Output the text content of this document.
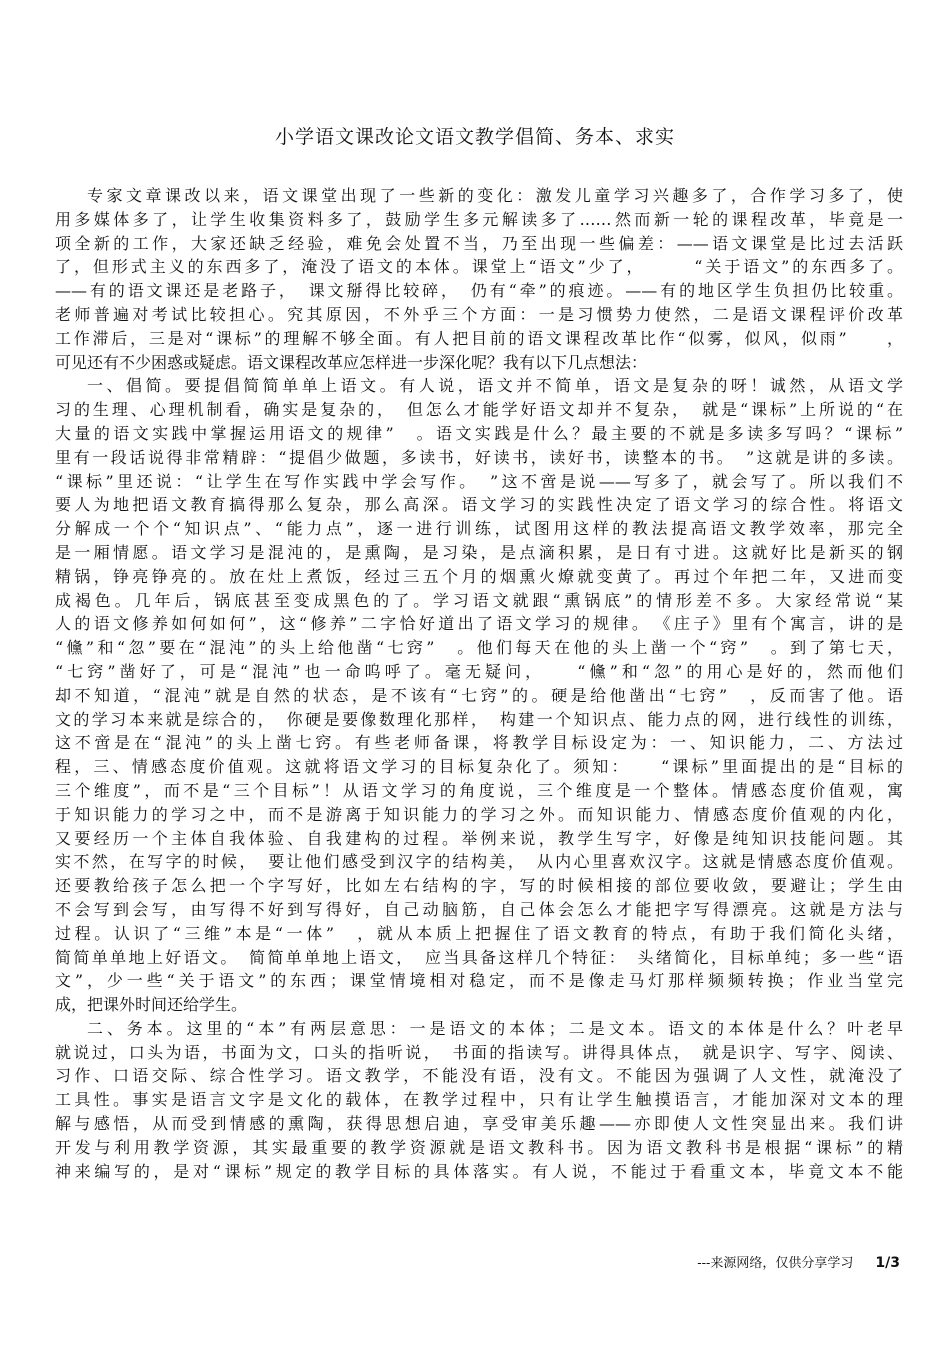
小学语文课改论文语文教学倡简、务本、求实
专家文章课改以来，语文课堂出现了一些新的变化：激发儿童学习兴趣多了，合作学习多了，使
用多媒体多了，让学生收集资料多了，鼓励学生多元解读多了……然而新一轮的课程改革，毕竟是一
项全新的工作，大家还缺乏经验，难免会处置不当，乃至出现一些偏差：——语文课堂是比过去活跃
了，但形式主义的东西多了，淹没了语文的本体。课堂上“语文”少了，　　　“关于语文”的东西多了。
——有的语文课还是老路子，　课文掰得比较碎，　仍有“牵”的痕迹。——有的地区学生负担仍比较重。
老师普遍对考试比较担心。究其原因，不外乎三个方面：一是习惯势力使然，二是语文课程评价改革
工作滞后，三是对“课标”的理解不够全面。有人把目前的语文课程改革比作“似雾，似风，似雨”　　，
可见还有不少困惑或疑虑。语文课程改革应怎样进一步深化呢？我有以下几点想法：
一、倡简。要提倡简简单单上语文。有人说，语文并不简单，语文是复杂的呀！诚然，从语文学
习的生理、心理机制看，确实是复杂的，　但怎么才能学好语文却并不复杂，　就是“课标”上所说的“在
大量的语文实践中掌握运用语文的规律”　。语文实践是什么？最主要的不就是多读多写吗？“课标”
里有一段话说得非常精辟：“提倡少做题，多读书，好读书，读好书，读整本的书。　”这就是讲的多读。
“课标”里还说：“让学生在写作实践中学会写作。　”这不啻是说——写多了，就会写了。所以我们不
要人为地把语文教育搞得那么复杂，那么高深。语文学习的实践性决定了语文学习的综合性。将语文
分解成一个个“知识点”、“能力点”，逐一进行训练，试图用这样的教法提高语文教学效率，那完全
是一厢情愿。语文学习是混沌的，是熏陶，是习染，是点滴积累，是日有寸进。这就好比是新买的钢
精锅，铮亮铮亮的。放在灶上煮饭，经过三五个月的烟熏火燎就变黄了。再过个年把二年，又进而变
成褐色。几年后，锅底甚至变成黑色的了。学习语文就跟“熏锅底”的情形差不多。大家经常说“某
人的语文修养如何如何”，这“修养”二字恰好道出了语文学习的规律。　《庄子》里有个寓言，讲的是
“儵”和“忽”要在“混沌”的头上给他凿“七窍”　。他们每天在他的头上凿一个“窍”　。到了第七天，
“七窍”凿好了，可是“混沌”也一命呜呼了。毫无疑问，　　“儵”和“忽”的用心是好的，然而他们
却不知道，“混沌”就是自然的状态，是不该有“七窍”的。硬是给他凿出“七窍”　，反而害了他。语
文的学习本来就是综合的，　你硬是要像数理化那样，　构建一个知识点、能力点的网，进行线性的训练，
这不啻是在“混沌”的头上凿七窍。有些老师备课，将教学目标设定为：一、知识能力，二、方法过
程，三、情感态度价值观。这就将语文学习的目标复杂化了。须知：　　“课标”里面提出的是“目标的
三个维度”，而不是“三个目标”！从语文学习的角度说，三个维度是一个整体。情感态度价值观，寓
于知识能力的学习之中，而不是游离于知识能力的学习之外。而知识能力、情感态度价值观的内化，
又要经历一个主体自我体验、自我建构的过程。举例来说，教学生写字，好像是纯知识技能问题。其
实不然，在写字的时候，　要让他们感受到汉字的结构美，　从内心里喜欢汉字。这就是情感态度价值观。
还要教给孩子怎么把一个字写好，比如左右结构的字，写的时候相接的部位要收敛，要避让；学生由
不会写到会写，由写得不好到写得好，自己动脑筋，自己体会怎么才能把字写得漂亮。这就是方法与
过程。认识了“三维”本是“一体”　，就从本质上把握住了语文教育的特点，有助于我们简化头绪，
简简单单地上好语文。　简简单单地上语文，　应当具备这样几个特征：　头绪简化，目标单纯；多一些“语
文”，少一些“关于语文”的东西；课堂情境相对稳定，而不是像走马灯那样频频转换；作业当堂完
成，把课外时间还给学生。
二、务本。这里的“本”有两层意思：一是语文的本体；二是文本。语文的本体是什么？叶老早
就说过，口头为语，书面为文，口头的指听说，　书面的指读写。讲得具体点，　就是识字、写字、阅读、
习作、口语交际、综合性学习。语文教学，不能没有语，没有文。不能因为强调了人文性，就淹没了
工具性。事实是语言文字是文化的载体，在教学过程中，只有让学生触摸语言，才能加深对文本的理
解与感悟，从而受到情感的熏陶，获得思想启迪，享受审美乐趣——亦即使人文性突显出来。我们讲
开发与利用教学资源，其实最重要的教学资源就是语文教科书。因为语文教科书是根据“课标”的精
神来编写的，是对“课标”规定的教学目标的具体落实。有人说，不能过于看重文本，毕竟文本不能
---来源网络，仅供分享学习 1/3
